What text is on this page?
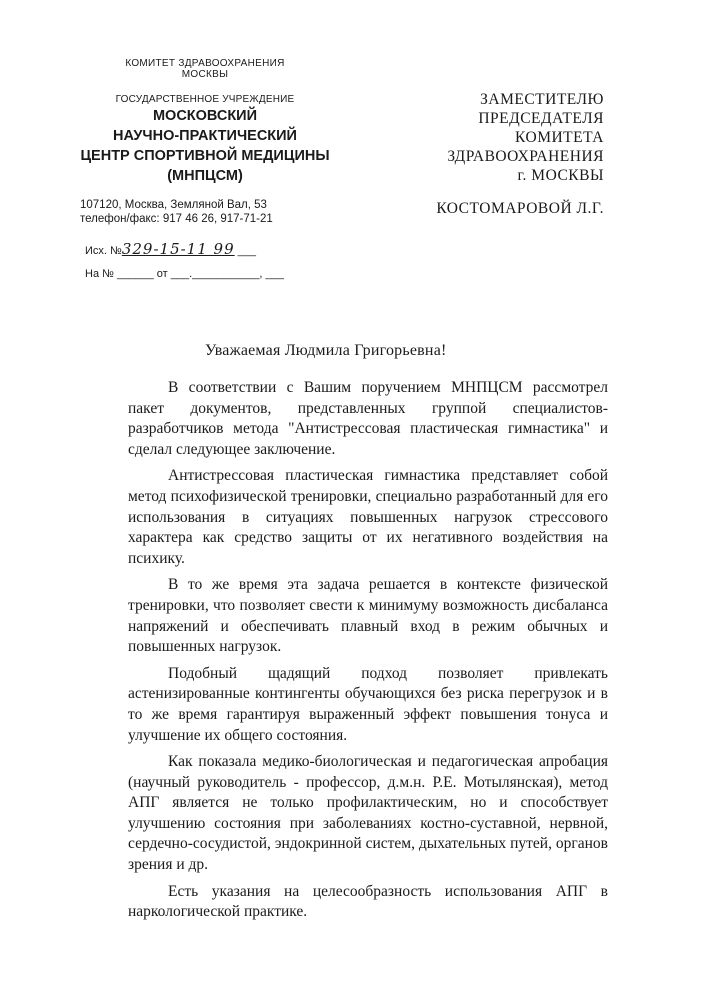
КОМИТЕТ ЗДРАВООХРАНЕНИЯ
МОСКВЫ
ГОСУДАРСТВЕННОЕ УЧРЕЖДЕНИЕ
МОСКОВСКИЙ
НАУЧНО-ПРАКТИЧЕСКИЙ
ЦЕНТР СПОРТИВНОЙ МЕДИЦИНЫ
(МНПЦСМ)
107120, Москва, Земляной Вал, 53
телефон/факс: 917 46 26, 917-71-21
Исх. №329-15-11 99 ___
На № ______ от ___.___________, ___
ЗАМЕСТИТЕЛЮ
ПРЕДСЕДАТЕЛЯ
КОМИТЕТА
ЗДРАВООХРАНЕНИЯ
г. МОСКВЫ
КОСТОМАРОВОЙ Л.Г.
Уважаемая Людмила Григорьевна!

В соответствии с Вашим поручением МНПЦСМ рассмотрел пакет документов, представленных группой специалистов-разработчиков метода "Антистрессовая пластическая гимнастика" и сделал следующее заключение.

Антистрессовая пластическая гимнастика представляет собой метод психофизической тренировки, специально разработанный для его использования в ситуациях повышенных нагрузок стрессового характера как средство защиты от их негативного воздействия на психику.

В то же время эта задача решается в контексте физической тренировки, что позволяет свести к минимуму возможность дисбаланса напряжений и обеспечивать плавный вход в режим обычных и повышенных нагрузок.

Подобный щадящий подход позволяет привлекать астенизированные контингенты обучающихся без риска перегрузок и в то же время гарантируя выраженный эффект повышения тонуса и улучшение их общего состояния.

Как показала медико-биологическая и педагогическая апробация (научный руководитель - профессор, д.м.н. Р.Е. Мотылянская), метод АПГ является не только профилактическим, но и способствует улучшению состояния при заболеваниях костно-суставной, нервной, сердечно-сосудистой, эндокринной систем, дыхательных путей, органов зрения и др.

Есть указания на целесообразность использования АПГ в наркологической практике.
